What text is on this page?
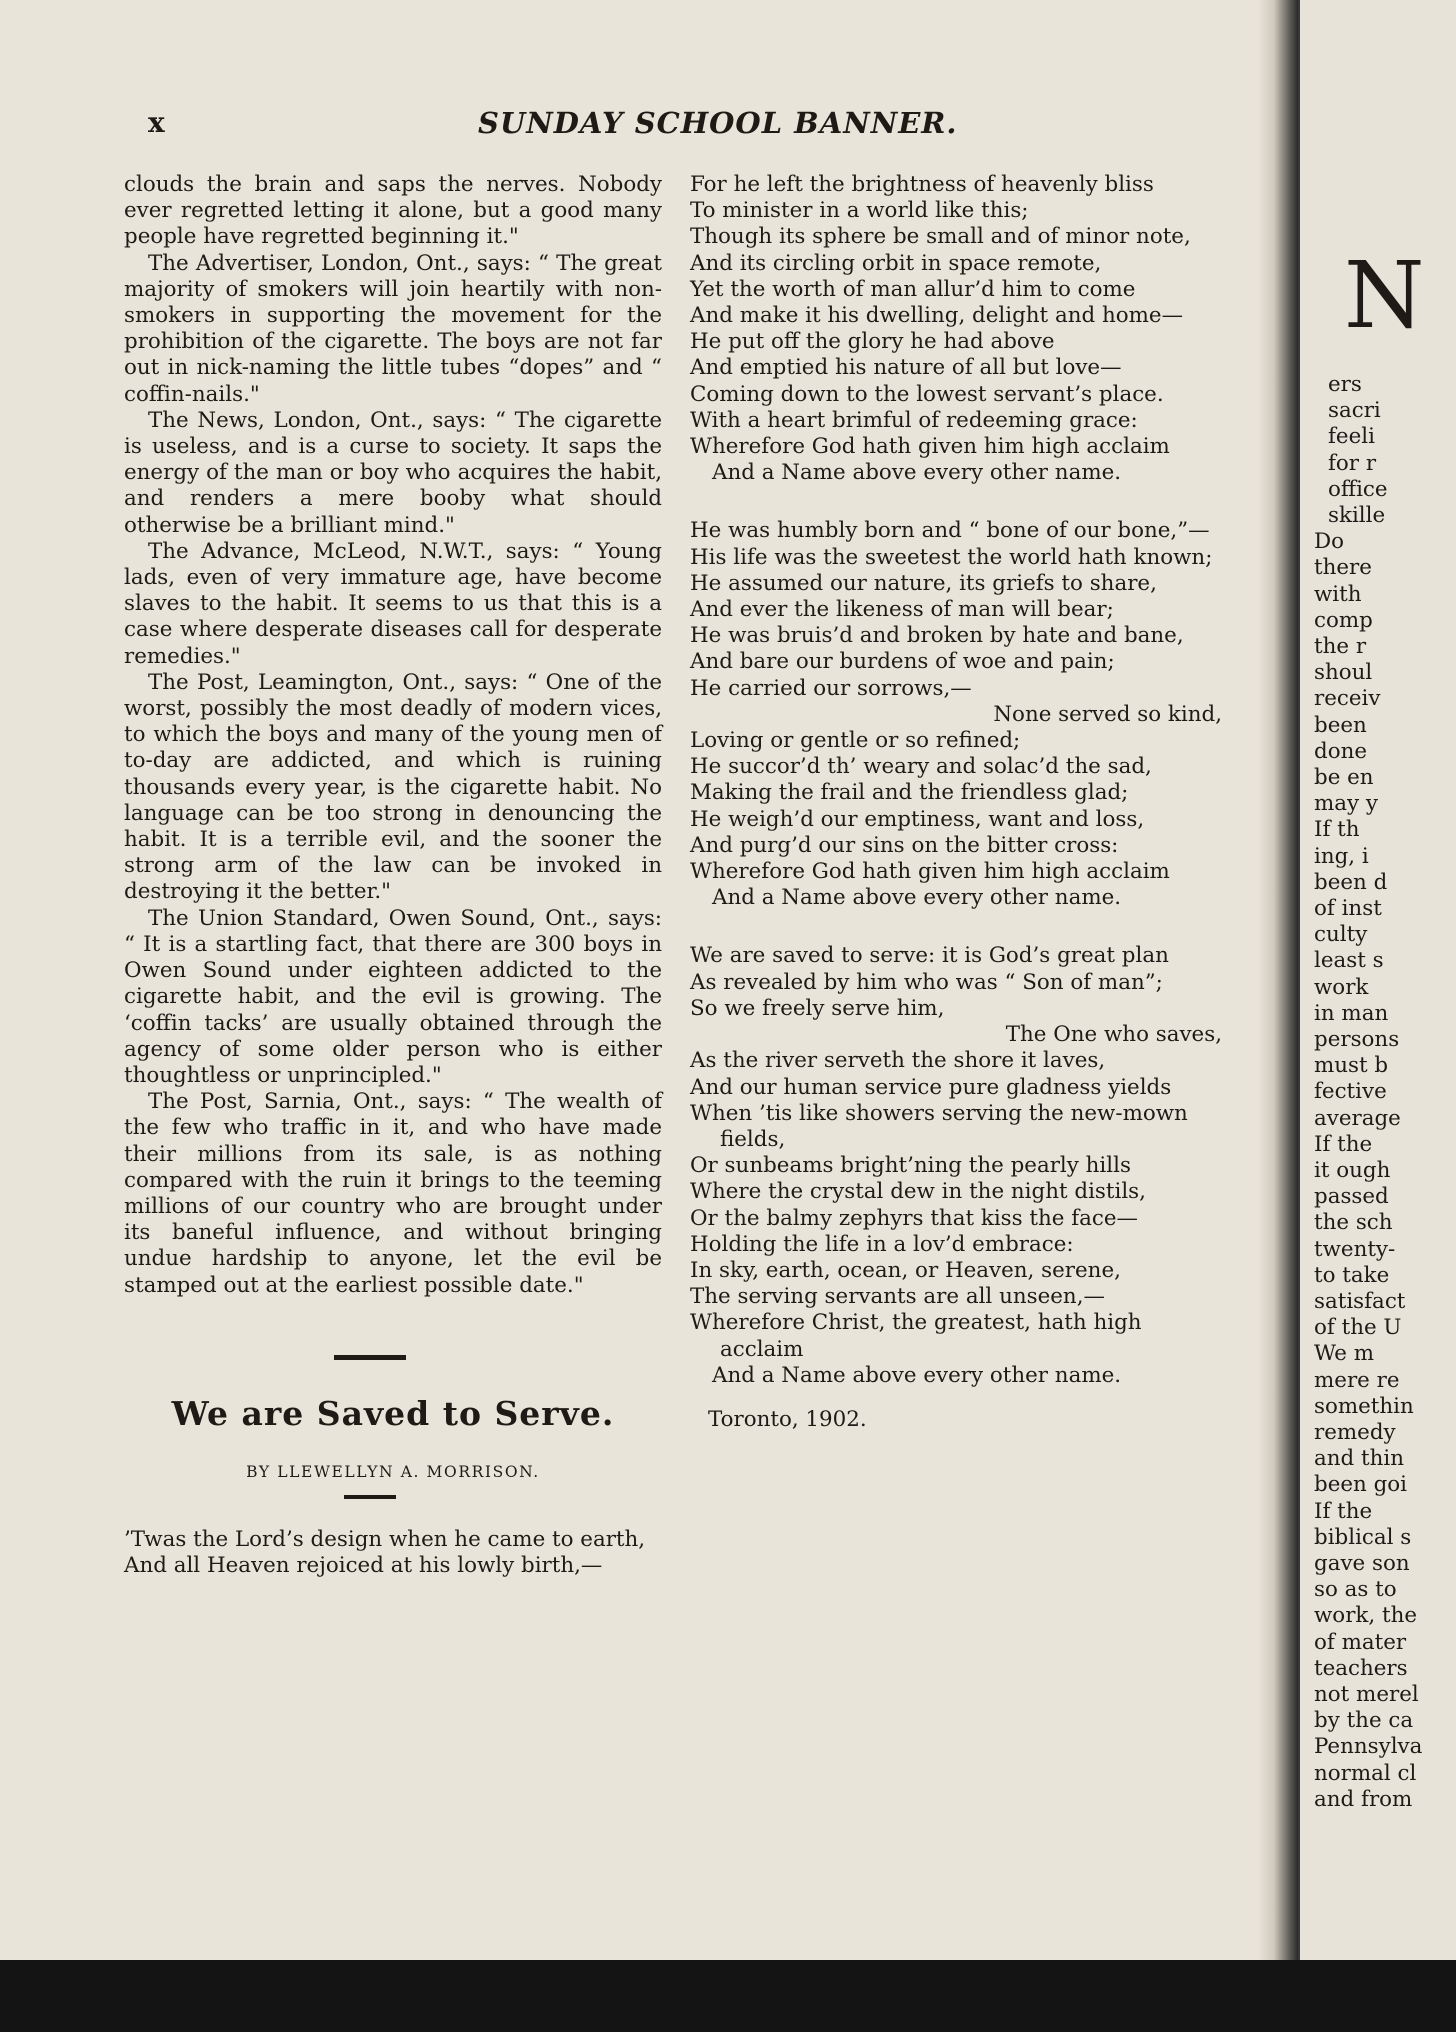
x	SUNDAY SCHOOL BANNER.

clouds the brain and saps the nerves. Nobody ever regretted letting it alone, but a good many people have regretted beginning it."

The Advertiser, London, Ont., says: “ The great majority of smokers will join heartily with non-smokers in supporting the movement for the prohibition of the cigarette. The boys are not far out in nick-naming the little tubes “dopes” and “ coffin-nails."

The News, London, Ont., says: “ The cigarette is useless, and is a curse to society. It saps the energy of the man or boy who acquires the habit, and renders a mere booby what should otherwise be a brilliant mind."

The Advance, McLeod, N.W.T., says: “ Young lads, even of very immature age, have become slaves to the habit. It seems to us that this is a case where desperate diseases call for desperate remedies."

The Post, Leamington, Ont., says: “ One of the worst, possibly the most deadly of modern vices, to which the boys and many of the young men of to-day are addicted, and which is ruining thousands every year, is the cigarette habit. No language can be too strong in denouncing the habit. It is a terrible evil, and the sooner the strong arm of the law can be invoked in destroying it the better."

The Union Standard, Owen Sound, Ont., says: “ It is a startling fact, that there are 300 boys in Owen Sound under eighteen addicted to the cigarette habit, and the evil is growing. The ‘coffin tacks’ are usually obtained through the agency of some older person who is either thoughtless or unprincipled."

The Post, Sarnia, Ont., says: “ The wealth of the few who traffic in it, and who have made their millions from its sale, is as nothing compared with the ruin it brings to the teeming millions of our country who are brought under its baneful influence, and without bringing undue hardship to anyone, let the evil be stamped out at the earliest possible date."

We are Saved to Serve.

BY LLEWELLYN A. MORRISON.

’Twas the Lord’s design when he came to earth,
And all Heaven rejoiced at his lowly birth,—
For he left the brightness of heavenly bliss
To minister in a world like this;
Though its sphere be small and of minor note,
And its circling orbit in space remote,
Yet the worth of man allur’d him to come
And make it his dwelling, delight and home—
He put off the glory he had above
And emptied his nature of all but love—
Coming down to the lowest servant’s place.
With a heart brimful of redeeming grace:
Wherefore God hath given him high acclaim
And a Name above every other name.
He was humbly born and “ bone of our bone,”—
His life was the sweetest the world hath known;
He assumed our nature, its griefs to share,
And ever the likeness of man will bear;
He was bruis’d and broken by hate and bane,
And bare our burdens of woe and pain;
He carried our sorrows,—
None served so kind,
Loving or gentle or so refined;
He succor’d th’ weary and solac’d the sad,
Making the frail and the friendless glad;
He weigh’d our emptiness, want and loss,
And purg’d our sins on the bitter cross:
Wherefore God hath given him high acclaim
And a Name above every other name.
We are saved to serve: it is God’s great plan
As revealed by him who was “ Son of man”;
So we freely serve him,
The One who saves,
As the river serveth the shore it laves,
And our human service pure gladness yields
When ’tis like showers serving the new-mown fields,
Or sunbeams bright’ning the pearly hills
Where the crystal dew in the night distils,
Or the balmy zephyrs that kiss the face—
Holding the life in a lov’d embrace:
In sky, earth, ocean, or Heaven, serene,
The serving servants are all unseen,—
Wherefore Christ, the greatest, hath high acclaim
And a Name above every other name.
Toronto, 1902.
N
ers
sacri
feeli
for r
office
skille
Do
there
with
comp
the r
shoul
receiv
been
done
be en
may y
If th
ing, i
been d
of inst
culty
least s
work
in man
persons
must b
fective
average
If the
it ough
passed
the sch
twenty-
to take
satisfact
of the U
We m
mere re
somethin
remedy
and thin
been goi
If the
biblical s
gave son
so as to
work, the
of mater
teachers
not merel
by the ca
Pennsylva
normal cl
and from
